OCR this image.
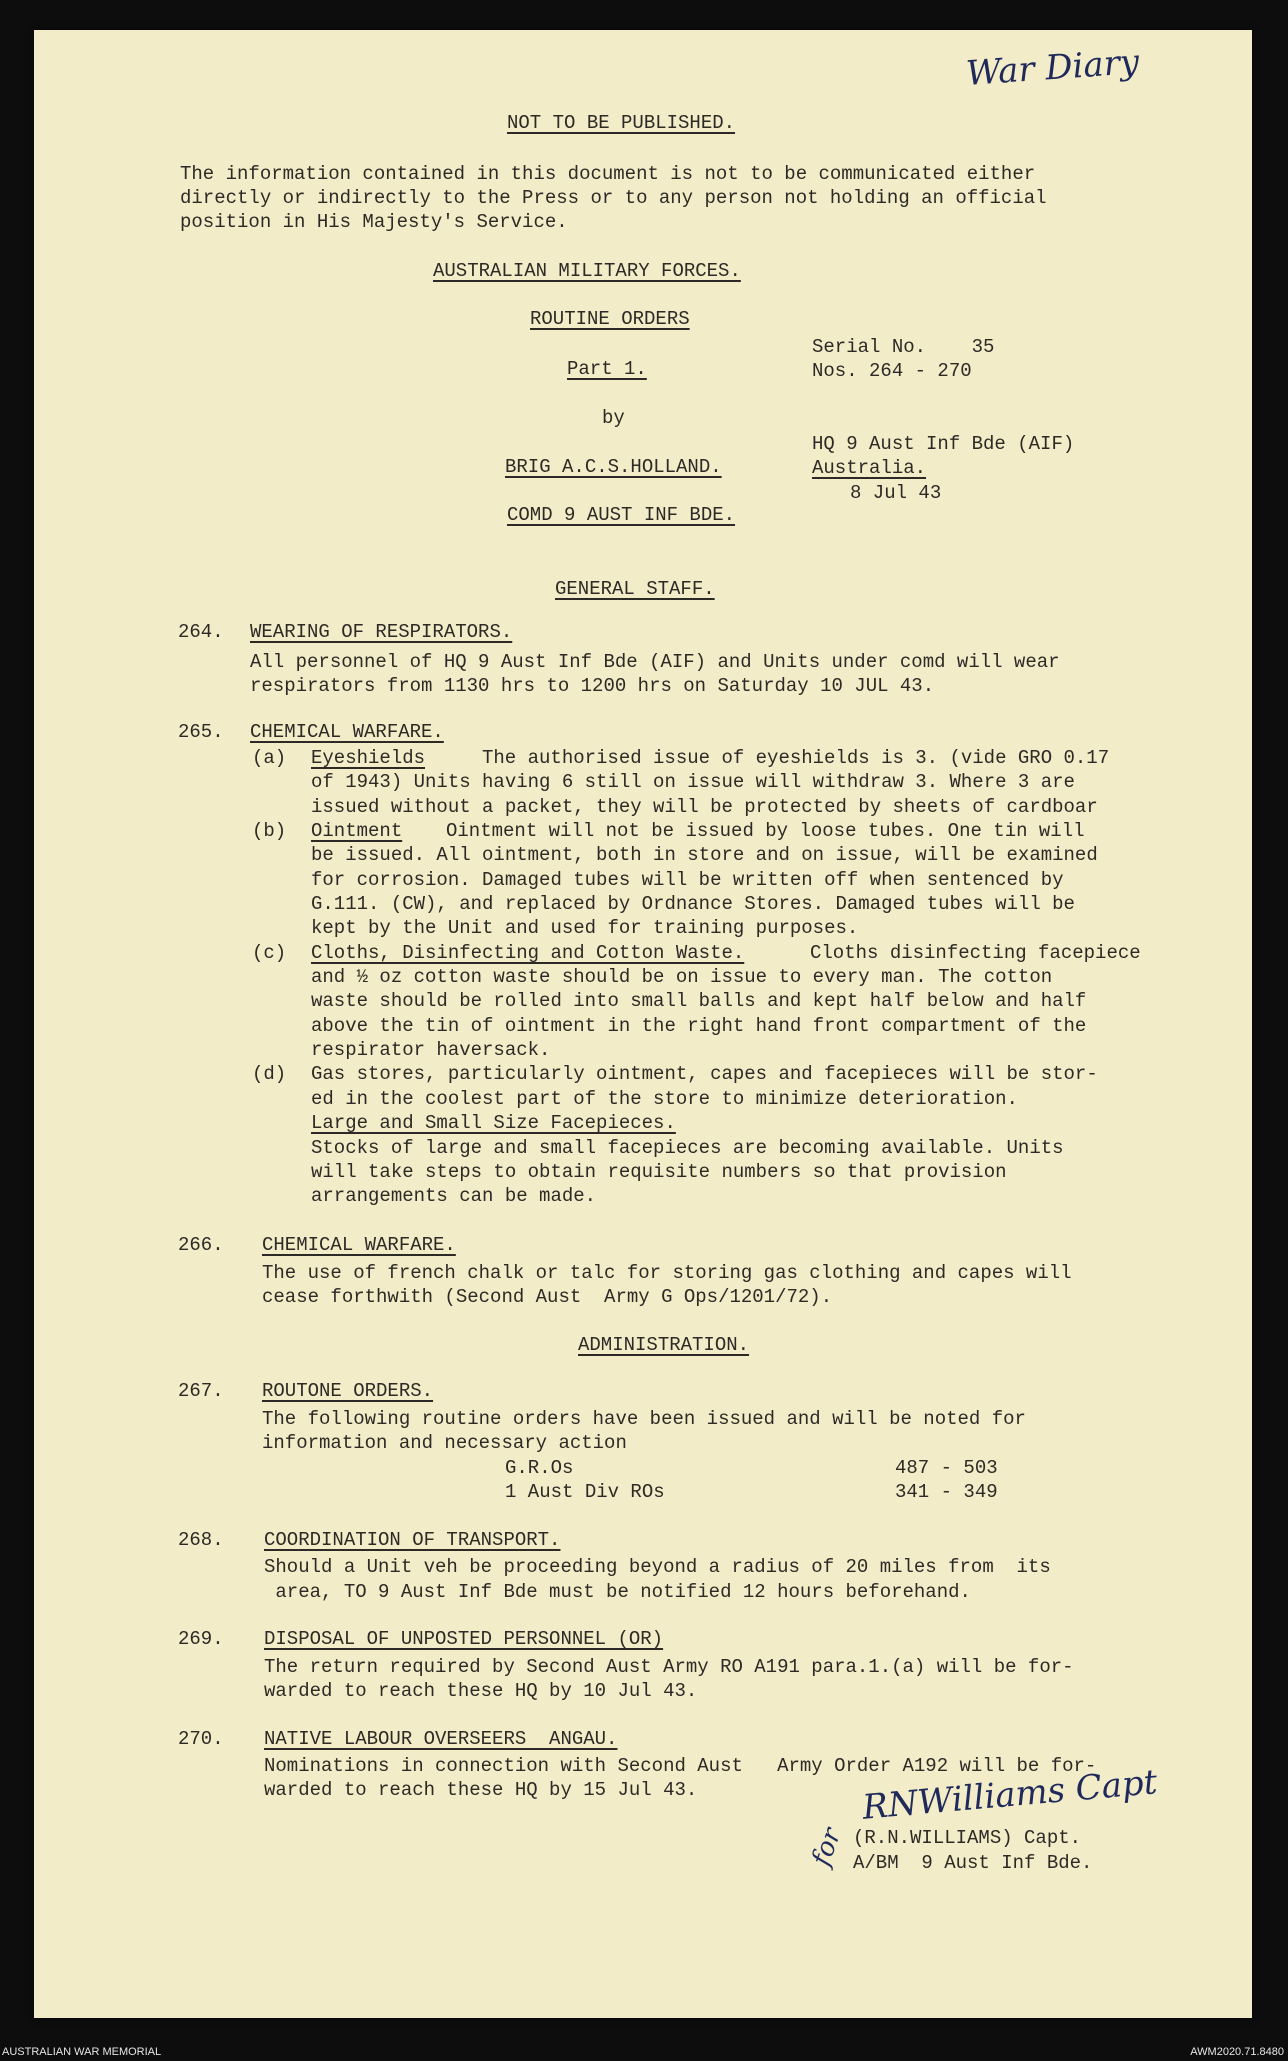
War Diary
NOT TO BE PUBLISHED.
The information contained in this document is not to be communicated either
directly or indirectly to the Press or to any person not holding an official
position in His Majesty's Service.
AUSTRALIAN MILITARY FORCES.
ROUTINE ORDERS
Part 1.
by
BRIG A.C.S.HOLLAND.
COMD 9 AUST INF BDE.
Serial No.    35
Nos. 264 - 270
HQ 9 Aust Inf Bde (AIF)
Australia.
8 Jul 43
GENERAL STAFF.
264. WEARING OF RESPIRATORS.
All personnel of HQ 9 Aust Inf Bde (AIF) and Units under comd will wear
respirators from 1130 hrs to 1200 hrs on Saturday 10 JUL 43.
265. CHEMICAL WARFARE.
(a) Eyeshields	The authorised issue of eyeshields is 3. (vide GRO 0.17
of 1943) Units having 6 still on issue will withdraw 3. Where 3 are
issued without a packet, they will be protected by sheets of cardboar
(b) Ointment Ointment will not be issued by loose tubes. One tin will
be issued. All ointment, both in store and on issue, will be examined
for corrosion. Damaged tubes will be written off when sentenced by
G.111. (CW), and replaced by Ordnance Stores. Damaged tubes will be
kept by the Unit and used for training purposes.
(c) Cloths, Disinfecting and Cotton Waste.	Cloths disinfecting facepiece
and ½ oz cotton waste should be on issue to every man. The cotton
waste should be rolled into small balls and kept half below and half
above the tin of ointment in the right hand front compartment of the
respirator haversack.
(d) Gas stores, particularly ointment, capes and facepieces will be stor-
ed in the coolest part of the store to minimize deterioration.
Large and Small Size Facepieces.
Stocks of large and small facepieces are becoming available. Units
will take steps to obtain requisite numbers so that provision
arrangements can be made.
266. CHEMICAL WARFARE.
The use of french chalk or talc for storing gas clothing and capes will
cease forthwith (Second Aust  Army G Ops/1201/72).
ADMINISTRATION.
267. ROUTONE ORDERS.
The following routine orders have been issued and will be noted for
information and necessary action
G.R.Os	487 - 503
1 Aust Div ROs	341 - 349
268. COORDINATION OF TRANSPORT.
Should a Unit veh be proceeding beyond a radius of 20 miles from  its
area, TO 9 Aust Inf Bde must be notified 12 hours beforehand.
269. DISPOSAL OF UNPOSTED PERSONNEL (OR)
The return required by Second Aust Army RO A191 para.1.(a) will be for-
warded to reach these HQ by 10 Jul 43.
270. NATIVE LABOUR OVERSEERS  ANGAU.
Nominations in connection with Second Aust   Army Order A192 will be for-
warded to reach these HQ by 15 Jul 43.	RNWilliams Capt
for (R.N.WILLIAMS) Capt.
A/BM  9 Aust Inf Bde.
AUSTRALIAN WAR MEMORIAL	AWM2020.71.8480
